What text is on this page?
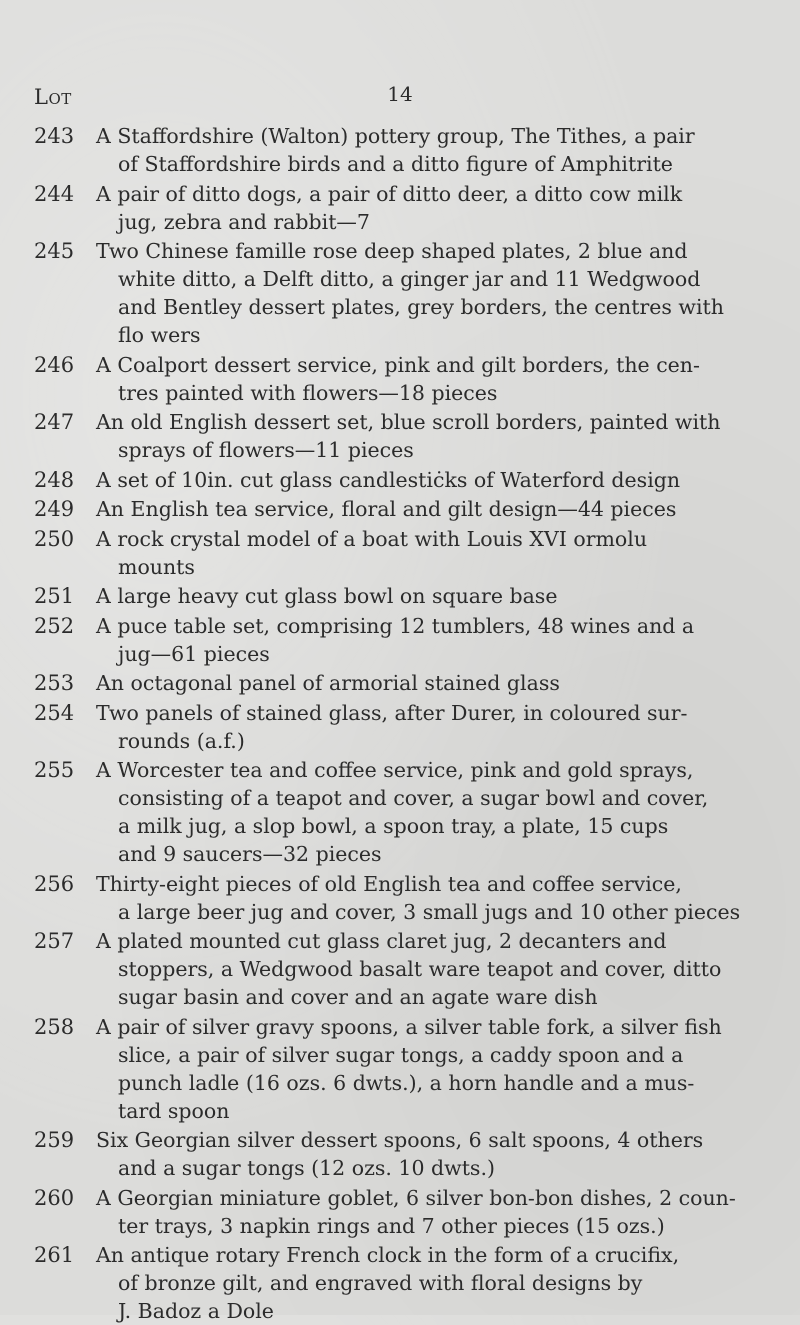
14
Lot
243 A Staffordshire (Walton) pottery group, The Tithes, a pair
of Staffordshire birds and a ditto figure of Amphitrite
244 A pair of ditto dogs, a pair of ditto deer, a ditto cow milk
jug, zebra and rabbit—7
245 Two Chinese famille rose deep shaped plates, 2 blue and
white ditto, a Delft ditto, a ginger jar and 11 Wedgwood
and Bentley dessert plates, grey borders, the centres with
flo wers
246 A Coalport dessert service, pink and gilt borders, the cen-
tres painted with flowers—18 pieces
247 An old English dessert set, blue scroll borders, painted with
sprays of flowers—11 pieces
248 A set of 10in. cut glass candlestiċks of Waterford design
249 An English tea service, floral and gilt design—44 pieces
250 A rock crystal model of a boat with Louis XVI ormolu
mounts
251 A large heavy cut glass bowl on square base
252 A puce table set, comprising 12 tumblers, 48 wines and a
jug—61 pieces
253 An octagonal panel of armorial stained glass
254 Two panels of stained glass, after Durer, in coloured sur-
rounds (a.f.)
255 A Worcester tea and coffee service, pink and gold sprays,
consisting of a teapot and cover, a sugar bowl and cover,
a milk jug, a slop bowl, a spoon tray, a plate, 15 cups
and 9 saucers—32 pieces
256 Thirty-eight pieces of old English tea and coffee service,
a large beer jug and cover, 3 small jugs and 10 other pieces
257 A plated mounted cut glass claret jug, 2 decanters and
stoppers, a Wedgwood basalt ware teapot and cover, ditto
sugar basin and cover and an agate ware dish
258 A pair of silver gravy spoons, a silver table fork, a silver fish
slice, a pair of silver sugar tongs, a caddy spoon and a
punch ladle (16 ozs. 6 dwts.), a horn handle and a mus-
tard spoon
259 Six Georgian silver dessert spoons, 6 salt spoons, 4 others
and a sugar tongs (12 ozs. 10 dwts.)
260 A Georgian miniature goblet, 6 silver bon-bon dishes, 2 coun-
ter trays, 3 napkin rings and 7 other pieces (15 ozs.)
261 An antique rotary French clock in the form of a crucifix,
of bronze gilt, and engraved with floral designs by
J. Badoz a Dole
